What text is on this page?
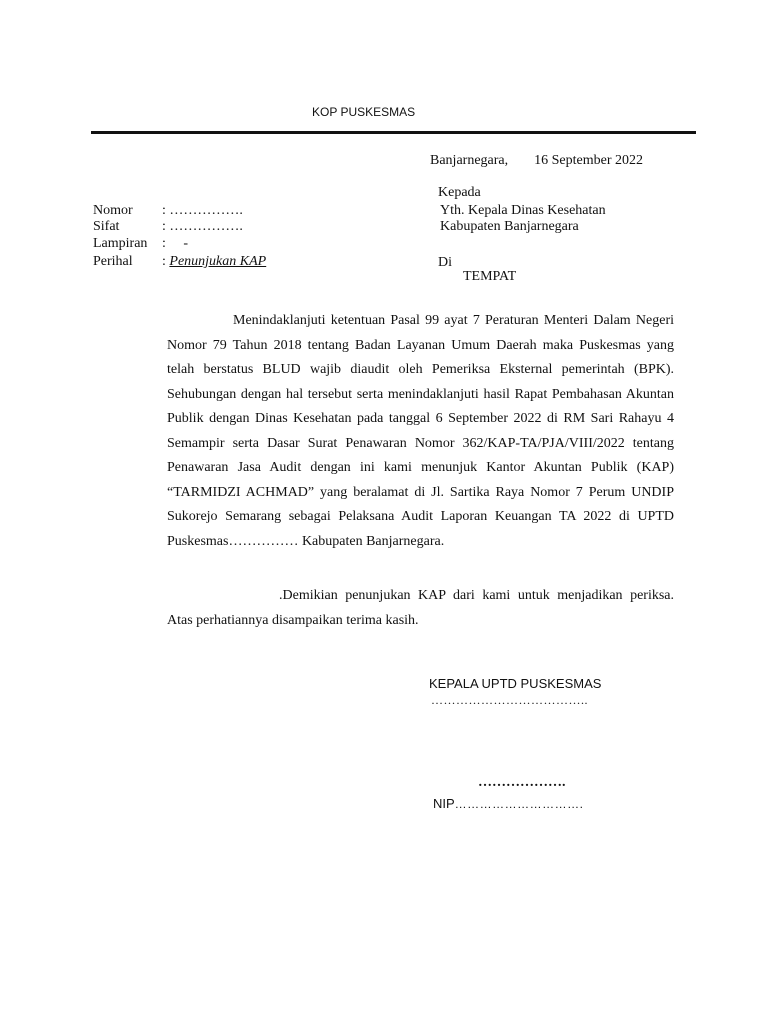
KOP PUSKESMAS
Banjarnegara, 16 September 2022
Kepada
Yth. Kepala Dinas Kesehatan
Kabupaten Banjarnegara
Di
TEMPAT
Nomor : …………….
Sifat	: …………….
Lampiran :     -
Perihal : Penunjukan KAP

Menindaklanjuti ketentuan Pasal 99 ayat 7 Peraturan Menteri Dalam Negeri Nomor 79 Tahun 2018 tentang Badan Layanan Umum Daerah maka Puskesmas yang telah berstatus BLUD wajib diaudit oleh Pemeriksa Eksternal pemerintah (BPK). Sehubungan dengan hal tersebut serta menindaklanjuti hasil Rapat Pembahasan Akuntan Publik dengan Dinas Kesehatan pada tanggal 6 September 2022 di RM Sari Rahayu 4 Semampir serta Dasar Surat Penawaran Nomor 362/KAP-TA/PJA/VIII/2022 tentang Penawaran Jasa Audit dengan ini kami menunjuk Kantor Akuntan Publik (KAP) “TARMIDZI ACHMAD” yang beralamat di Jl. Sartika Raya Nomor 7 Perum UNDIP Sukorejo Semarang sebagai Pelaksana Audit Laporan Keuangan TA 2022 di UPTD Puskesmas…………… Kabupaten Banjarnegara.

.Demikian penunjukan KAP dari kami untuk menjadikan periksa. Atas perhatiannya disampaikan terima kasih.

KEPALA UPTD PUSKESMAS
………………………………..
……………….
NIP………………………….
